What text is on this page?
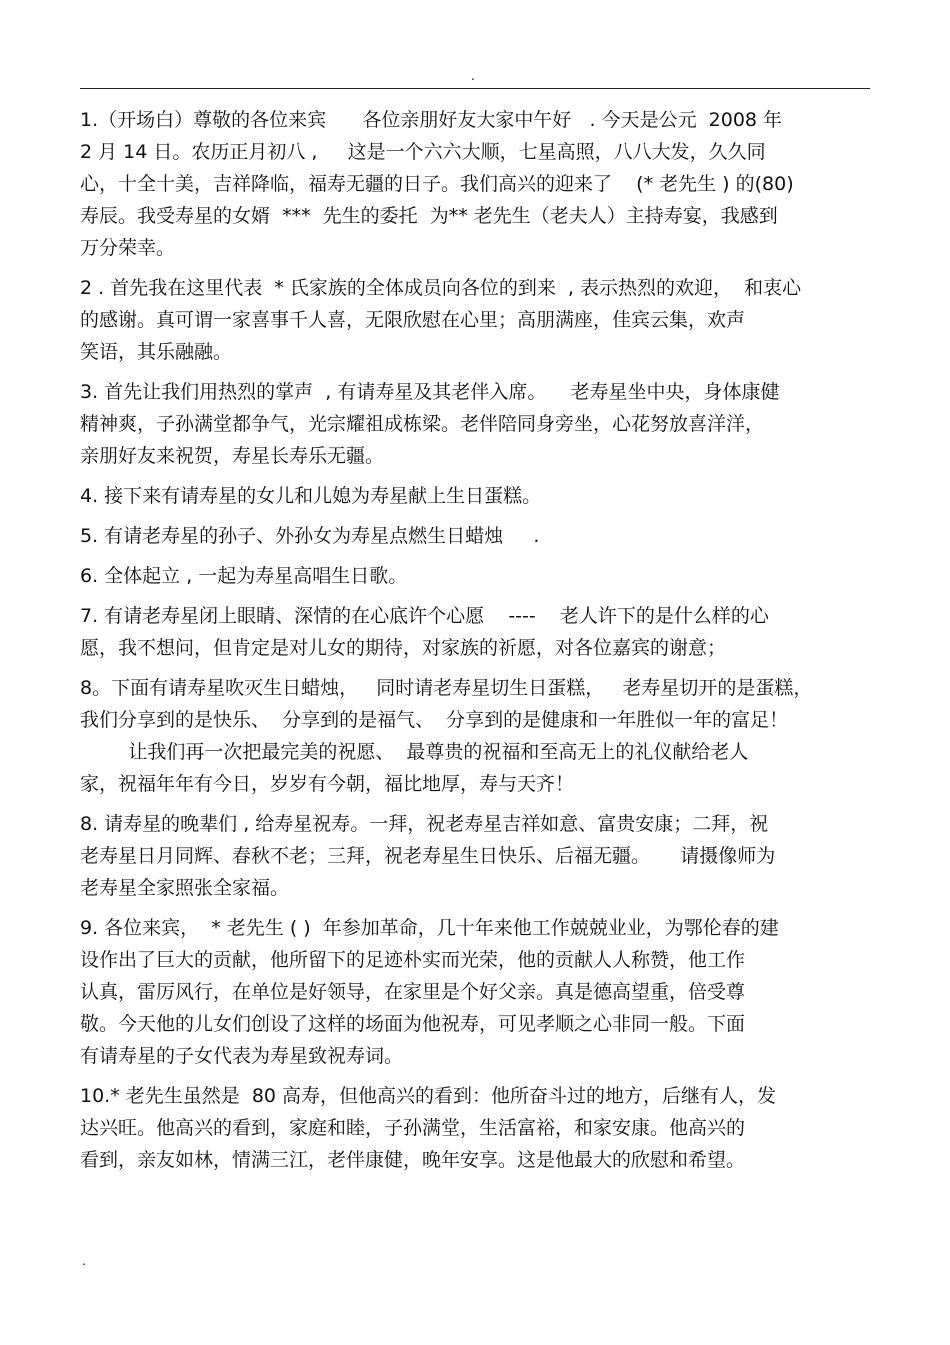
.
1.（开场白）尊敬的各位来宾      各位亲朋好友大家中午好   . 今天是公元  2008 年
2 月 14 日。农历正月初八 ,     这是一个六六大顺，七星高照，八八大发，久久同
心，十全十美，吉祥降临，福寿无疆的日子。我们高兴的迎来了    (* 老先生 ) 的(80)
寿辰。我受寿星的女婿  ***  先生的委托  为** 老先生（老夫人）主持寿宴，我感到
万分荣幸。
2 . 首先我在这里代表  * 氏家族的全体成员向各位的到来  , 表示热烈的欢迎，  和衷心
的感谢。真可谓一家喜事千人喜，无限欣慰在心里；高朋满座，佳宾云集，欢声
笑语，其乐融融。
3. 首先让我们用热烈的掌声  , 有请寿星及其老伴入席。    老寿星坐中央，身体康健
精神爽，子孙满堂都争气，光宗耀祖成栋梁。老伴陪同身旁坐，心花努放喜洋洋，
亲朋好友来祝贺，寿星长寿乐无疆。
4. 接下来有请寿星的女儿和儿媳为寿星献上生日蛋糕。
5. 有请老寿星的孙子、外孙女为寿星点燃生日蜡烛     .
6. 全体起立 , 一起为寿星高唱生日歌。
7. 有请老寿星闭上眼睛、深情的在心底许个心愿    ----    老人许下的是什么样的心
愿，我不想问，但肯定是对儿女的期待，对家族的祈愿，对各位嘉宾的谢意；
8。下面有请寿星吹灭生日蜡烛，   同时请老寿星切生日蛋糕，   老寿星切开的是蛋糕，
我们分享到的是快乐、  分享到的是福气、  分享到的是健康和一年胜似一年的富足！
让我们再一次把最完美的祝愿、  最尊贵的祝福和至高无上的礼仪献给老人
家，祝福年年有今日，岁岁有今朝，福比地厚，寿与天齐！
8. 请寿星的晚辈们 , 给寿星祝寿。一拜，祝老寿星吉祥如意、富贵安康；二拜，祝
老寿星日月同辉、春秋不老；三拜，祝老寿星生日快乐、后福无疆。     请摄像师为
老寿星全家照张全家福。
9. 各位来宾，  * 老先生 ( )  年参加革命，几十年来他工作兢兢业业，为鄂伦春的建
设作出了巨大的贡献，他所留下的足迹朴实而光荣，他的贡献人人称赞，他工作
认真，雷厉风行，在单位是好领导，在家里是个好父亲。真是德高望重，倍受尊
敬。今天他的儿女们创设了这样的场面为他祝寿，可见孝顺之心非同一般。下面
有请寿星的子女代表为寿星致祝寿词。
10.* 老先生虽然是  80 高寿，但他高兴的看到：他所奋斗过的地方，后继有人，发
达兴旺。他高兴的看到，家庭和睦，子孙满堂，生活富裕，和家安康。他高兴的
看到，亲友如林，情满三江，老伴康健，晚年安享。这是他最大的欣慰和希望。
.
